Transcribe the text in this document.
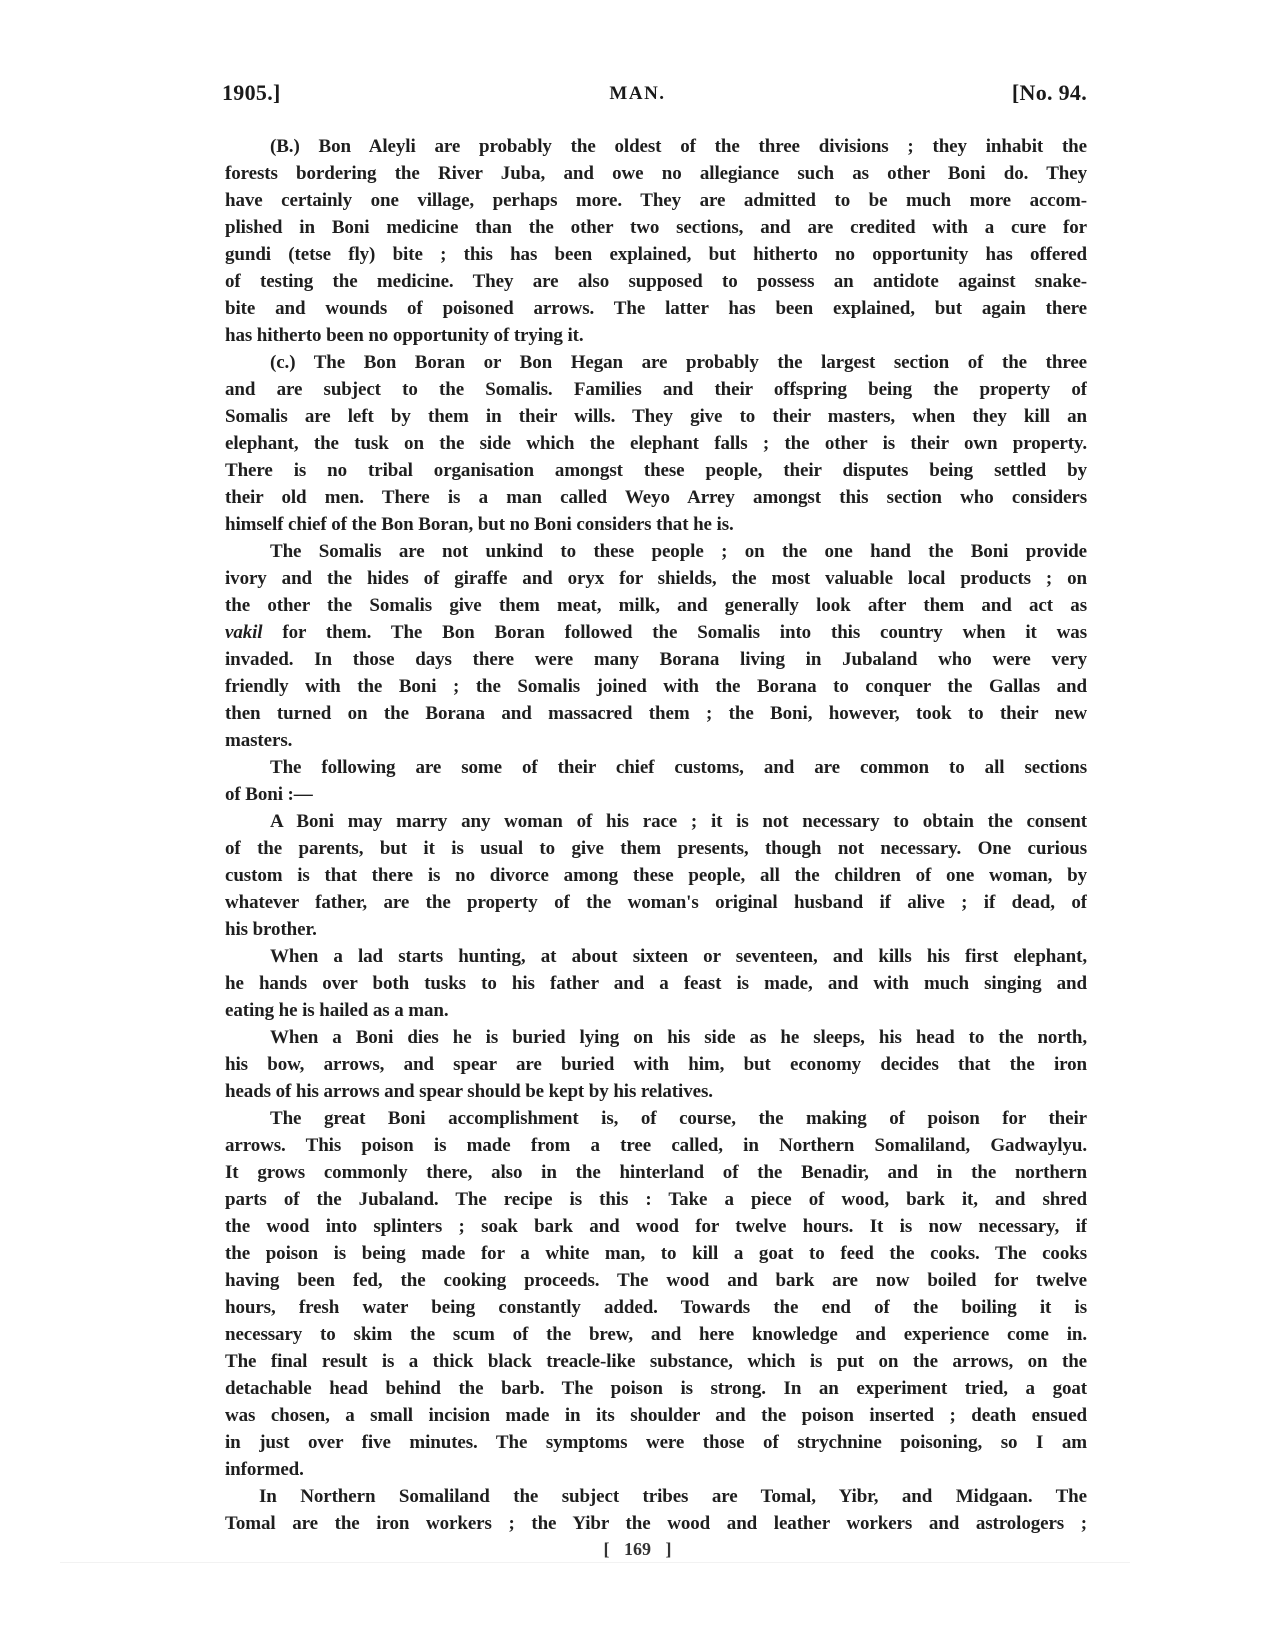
1905.]	MAN.	[No. 94.
(B.) Bon Aleyli are probably the oldest of the three divisions ; they inhabit the
forests bordering the River Juba, and owe no allegiance such as other Boni do. They
have certainly one village, perhaps more. They are admitted to be much more accom-
plished in Boni medicine than the other two sections, and are credited with a cure for
gundi (tetse fly) bite ; this has been explained, but hitherto no opportunity has offered
of testing the medicine. They are also supposed to possess an antidote against snake-
bite and wounds of poisoned arrows. The latter has been explained, but again there
has hitherto been no opportunity of trying it.
(c.) The Bon Boran or Bon Hegan are probably the largest section of the three
and are subject to the Somalis. Families and their offspring being the property of
Somalis are left by them in their wills. They give to their masters, when they kill an
elephant, the tusk on the side which the elephant falls ; the other is their own property.
There is no tribal organisation amongst these people, their disputes being settled by
their old men. There is a man called Weyo Arrey amongst this section who considers
himself chief of the Bon Boran, but no Boni considers that he is.
The Somalis are not unkind to these people ; on the one hand the Boni provide
ivory and the hides of giraffe and oryx for shields, the most valuable local products ; on
the other the Somalis give them meat, milk, and generally look after them and act as
vakil for them. The Bon Boran followed the Somalis into this country when it was
invaded. In those days there were many Borana living in Jubaland who were very
friendly with the Boni ; the Somalis joined with the Borana to conquer the Gallas and
then turned on the Borana and massacred them ; the Boni, however, took to their new
masters.
The following are some of their chief customs, and are common to all sections
of Boni :—
A Boni may marry any woman of his race ; it is not necessary to obtain the consent
of the parents, but it is usual to give them presents, though not necessary. One curious
custom is that there is no divorce among these people, all the children of one woman, by
whatever father, are the property of the woman's original husband if alive ; if dead, of
his brother.
When a lad starts hunting, at about sixteen or seventeen, and kills his first elephant,
he hands over both tusks to his father and a feast is made, and with much singing and
eating he is hailed as a man.
When a Boni dies he is buried lying on his side as he sleeps, his head to the north,
his bow, arrows, and spear are buried with him, but economy decides that the iron
heads of his arrows and spear should be kept by his relatives.
The great Boni accomplishment is, of course, the making of poison for their
arrows. This poison is made from a tree called, in Northern Somaliland, Gadwaylyu.
It grows commonly there, also in the hinterland of the Benadir, and in the northern
parts of the Jubaland. The recipe is this : Take a piece of wood, bark it, and shred
the wood into splinters ; soak bark and wood for twelve hours. It is now necessary, if
the poison is being made for a white man, to kill a goat to feed the cooks. The cooks
having been fed, the cooking proceeds. The wood and bark are now boiled for twelve
hours, fresh water being constantly added. Towards the end of the boiling it is
necessary to skim the scum of the brew, and here knowledge and experience come in.
The final result is a thick black treacle-like substance, which is put on the arrows, on the
detachable head behind the barb. The poison is strong. In an experiment tried, a goat
was chosen, a small incision made in its shoulder and the poison inserted ; death ensued
in just over five minutes. The symptoms were those of strychnine poisoning, so I am
informed.
In Northern Somaliland the subject tribes are Tomal, Yibr, and Midgaan. The
Tomal are the iron workers ; the Yibr the wood and leather workers and astrologers ;
[ 169 ]
